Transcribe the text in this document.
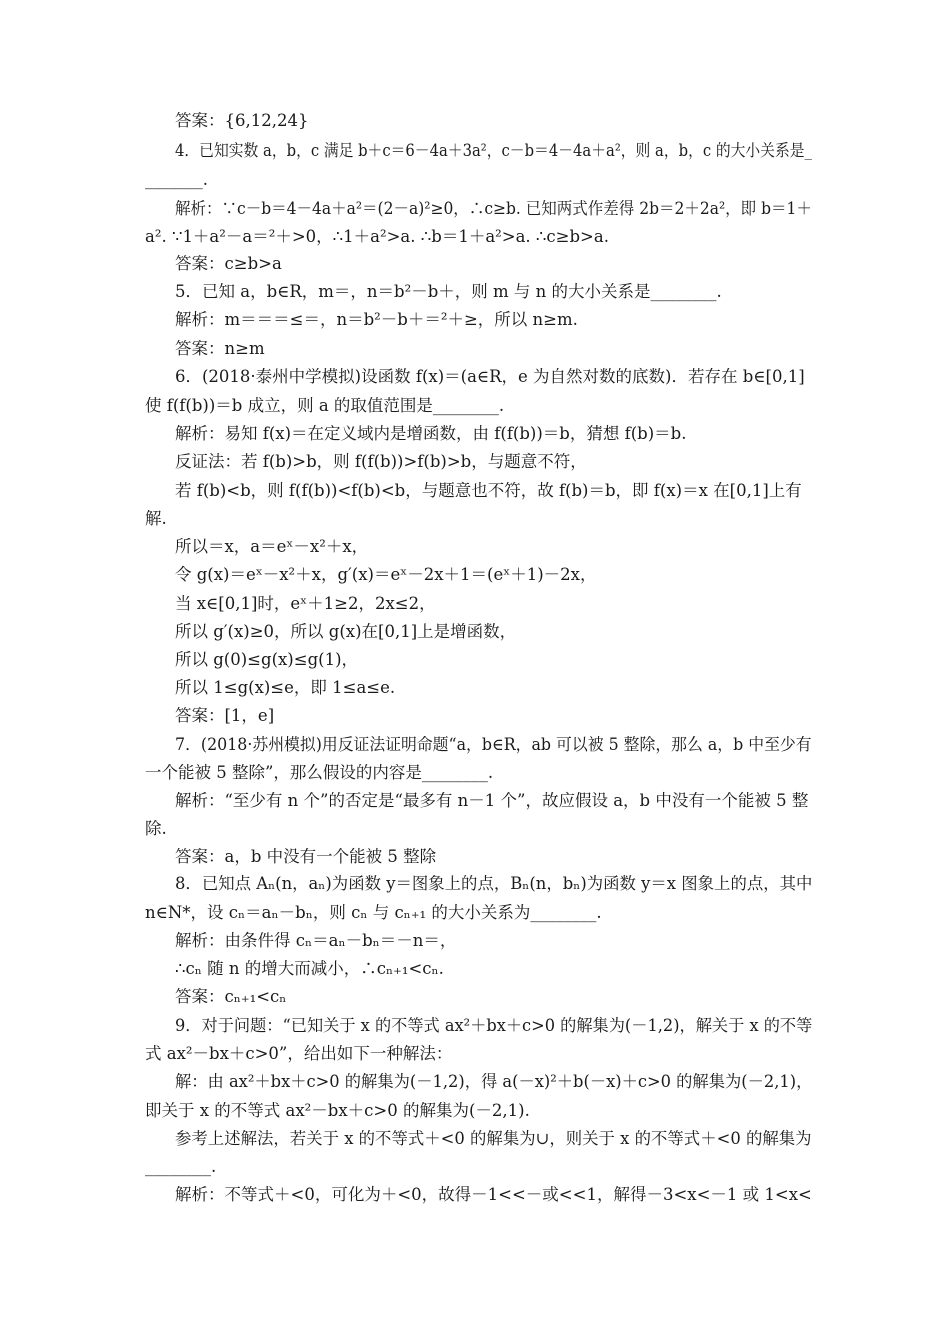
答案：{6,12,24}
4．已知实数 a，b，c 满足 b＋c＝6－4a＋3a²，c－b＝4－4a＋a²，则 a，b，c 的大小关系是_
_______.
解析：∵c－b＝4－4a＋a²＝(2－a)²≥0，∴c≥b. 已知两式作差得 2b＝2＋2a²，即 b＝1＋
a². ∵1＋a²－a＝²＋>0，∴1＋a²>a. ∴b＝1＋a²>a. ∴c≥b>a.
答案：c≥b>a
5．已知 a，b∈R，m＝，n＝b²－b＋，则 m 与 n 的大小关系是________.
解析：m＝＝＝≤＝，n＝b²－b＋＝²＋≥，所以 n≥m.
答案：n≥m
6．(2018·泰州中学模拟)设函数 f(x)＝(a∈R，e 为自然对数的底数)．若存在 b∈[0,1]
使 f(f(b))＝b 成立，则 a 的取值范围是________.
解析：易知 f(x)＝在定义域内是增函数，由 f(f(b))＝b，猜想 f(b)＝b.
反证法：若 f(b)>b，则 f(f(b))>f(b)>b，与题意不符，
若 f(b)<b，则 f(f(b))<f(b)<b，与题意也不符，故 f(b)＝b，即 f(x)＝x 在[0,1]上有
解.
所以＝x，a＝eˣ－x²＋x，
令 g(x)＝eˣ－x²＋x，g′(x)＝eˣ－2x＋1＝(eˣ＋1)－2x，
当 x∈[0,1]时，eˣ＋1≥2，2x≤2，
所以 g′(x)≥0，所以 g(x)在[0,1]上是增函数，
所以 g(0)≤g(x)≤g(1)，
所以 1≤g(x)≤e，即 1≤a≤e.
答案：[1，e]
7．(2018·苏州模拟)用反证法证明命题“a，b∈R，ab 可以被 5 整除，那么 a，b 中至少有
一个能被 5 整除”，那么假设的内容是________.
解析：“至少有 n 个”的否定是“最多有 n－1 个”，故应假设 a，b 中没有一个能被 5 整
除.
答案：a，b 中没有一个能被 5 整除
8．已知点 Aₙ(n，aₙ)为函数 y＝图象上的点，Bₙ(n，bₙ)为函数 y＝x 图象上的点，其中
n∈N*，设 cₙ＝aₙ－bₙ，则 cₙ 与 cₙ₊₁ 的大小关系为________.
解析：由条件得 cₙ＝aₙ－bₙ＝－n＝，
∴cₙ 随 n 的增大而减小，∴cₙ₊₁<cₙ.
答案：cₙ₊₁<cₙ
9．对于问题：“已知关于 x 的不等式 ax²＋bx＋c>0 的解集为(－1,2)，解关于 x 的不等
式 ax²－bx＋c>0”，给出如下一种解法：
解：由 ax²＋bx＋c>0 的解集为(－1,2)，得 a(－x)²＋b(－x)＋c>0 的解集为(－2,1)，
即关于 x 的不等式 ax²－bx＋c>0 的解集为(－2,1).
参考上述解法，若关于 x 的不等式＋<0 的解集为∪，则关于 x 的不等式＋<0 的解集为
________.
解析：不等式＋<0，可化为＋<0，故得－1<<－或<<1，解得－3<x<－1 或 1<x<
